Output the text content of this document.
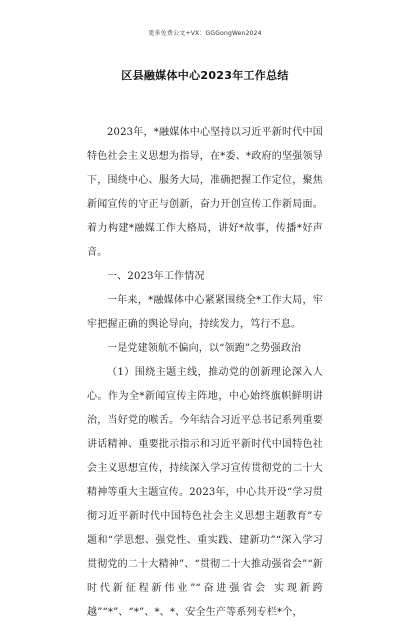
更多免费公文+VX：GGGongWen2024
区县融媒体中心2023年工作总结

2023年，*融媒体中心坚持以习近平新时代中国特色社会主义思想为指导，在*委、*政府的坚强领导下，围绕中心、服务大局，准确把握工作定位，聚焦新闻宣传的守正与创新，奋力开创宣传工作新局面。着力构建*融媒工作大格局，讲好*故事，传播*好声音。

一、2023年工作情况

一年来，*融媒体中心紧紧围绕全*工作大局，牢牢把握正确的舆论导向，持续发力，笃行不息。

一是党建领航不偏向，以“领跑”之势强政治

（1）围绕主题主线，推动党的创新理论深入人心。作为全*新闻宣传主阵地，中心始终旗帜鲜明讲治，当好党的喉舌。今年结合习近平总书记系列重要讲话精神、重要批示指示和习近平新时代中国特色社会主义思想宣传，持续深入学习宣传贯彻党的二十大精神等重大主题宣传。2023年，中心共开设“学习贯彻习近平新时代中国特色社会主义思想主题教育”专题和“学思想、强党性、重实践、建新功”“深入学习贯彻党的二十大精神”、“贯彻二十大推动强省会”“新时代新征程新伟业”“奋进强省会 实现新跨越”“*”、“*”、*、*、安全生产等系列专栏*个，
